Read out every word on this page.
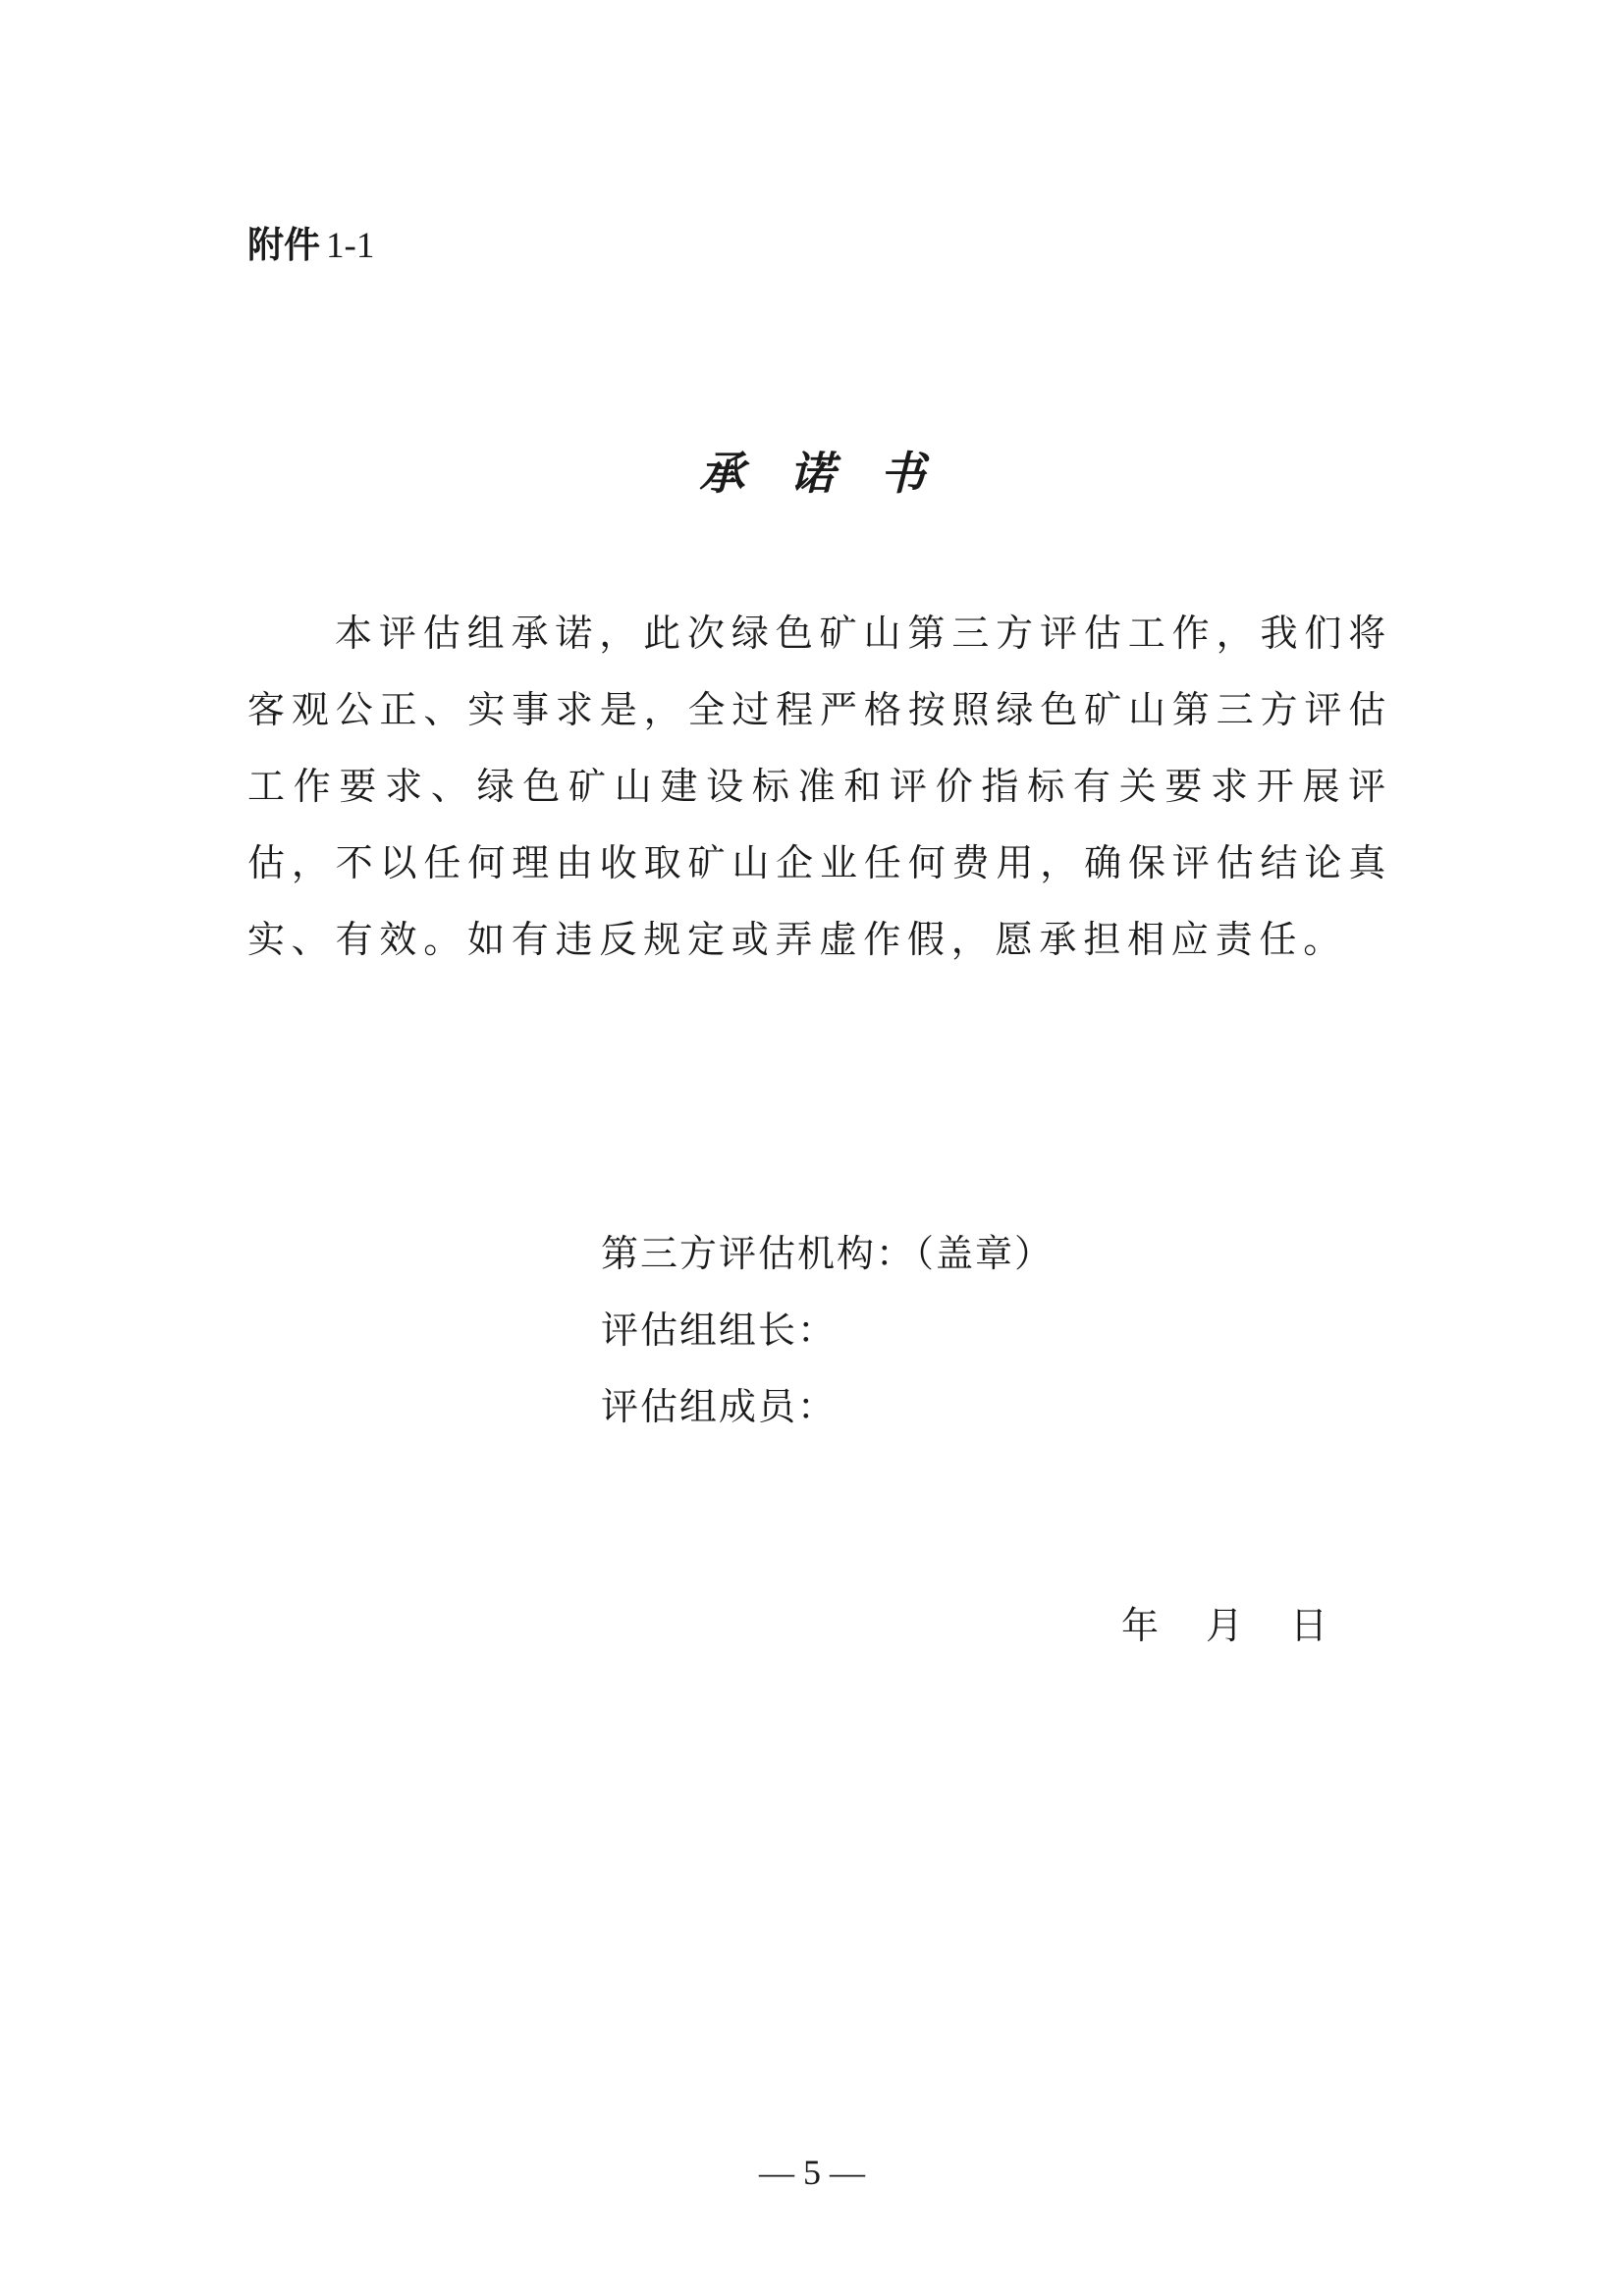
附件 1-1
承诺书

本评估组承诺，此次绿色矿山第三方评估工作，我们将客观公正、实事求是，全过程严格按照绿色矿山第三方评估工作要求、绿色矿山建设标准和评价指标有关要求开展评估，不以任何理由收取矿山企业任何费用，确保评估结论真实、有效。如有违反规定或弄虚作假，愿承担相应责任。

第三方评估机构：（盖章）
评估组组长：
评估组成员：
年 月 日
— 5 —
